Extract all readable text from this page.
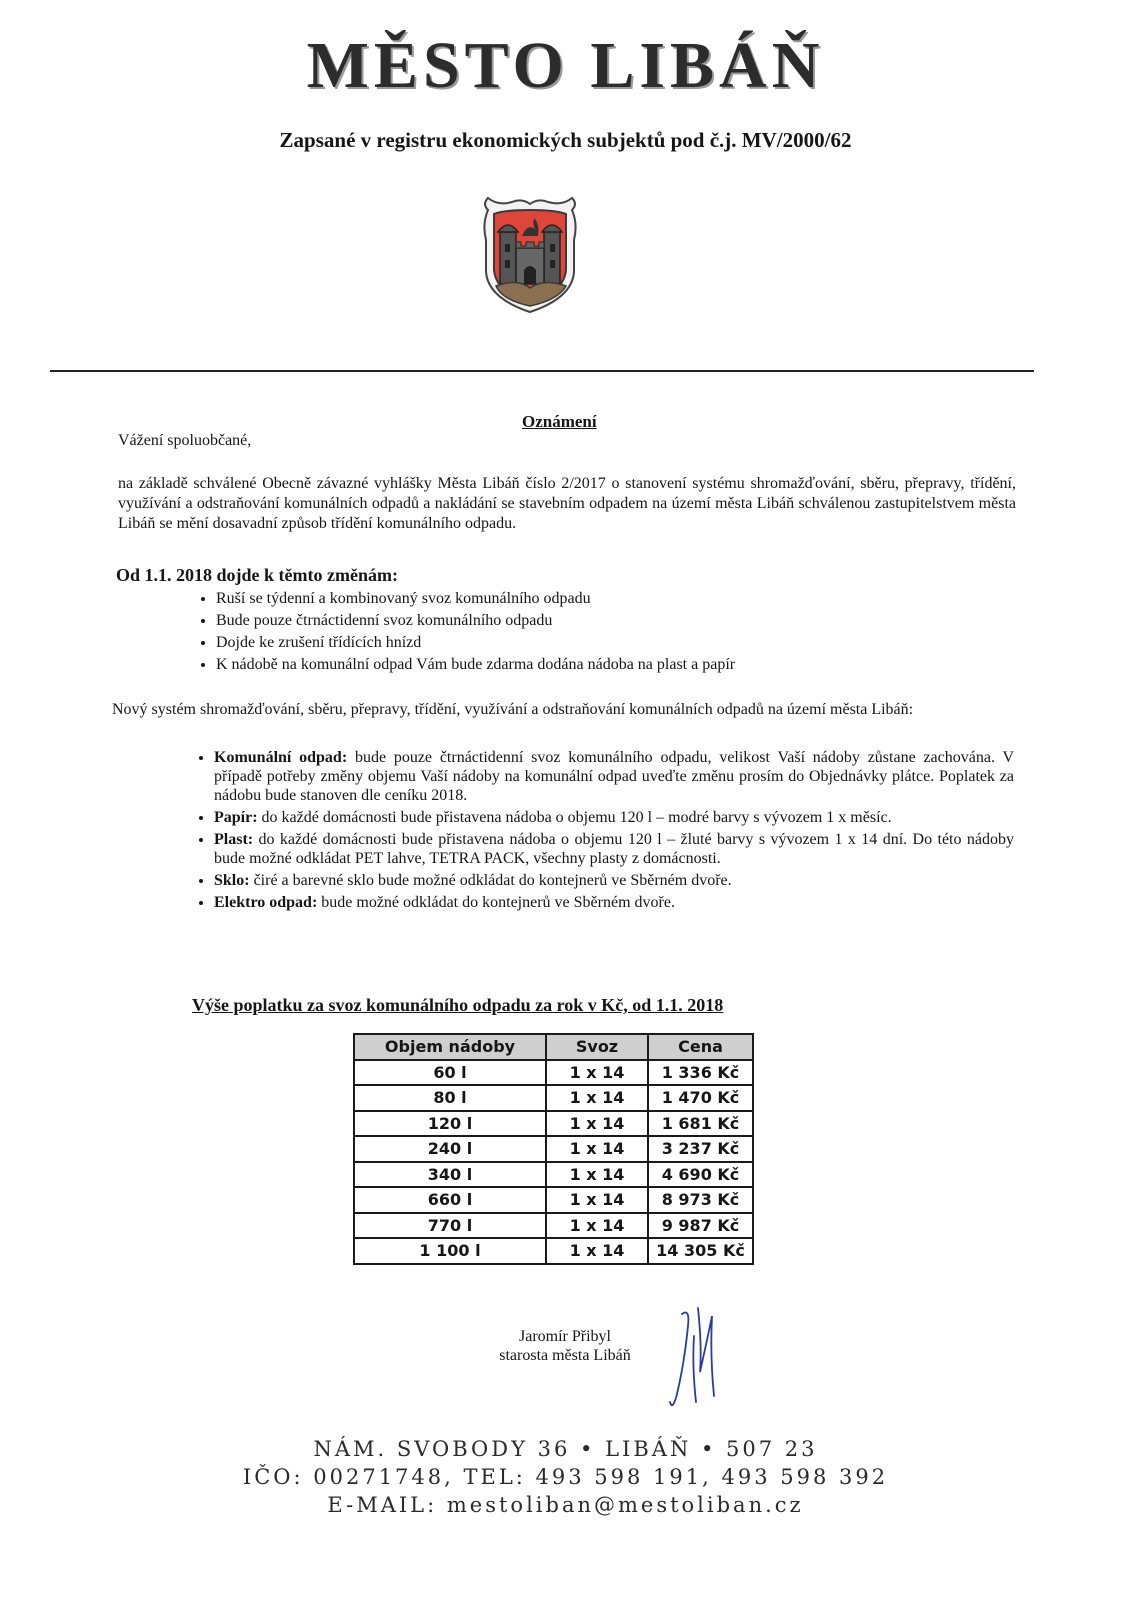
MĚSTO LIBÁŇ
Zapsané v registru ekonomických subjektů pod č.j. MV/2000/62
Oznámení
Vážení spoluobčané,
na základě schválené Obecně závazné vyhlášky Města Libáň číslo 2/2017 o stanovení systému shromažďování, sběru, přepravy, třídění, využívání a odstraňování komunálních odpadů a nakládání se stavebním odpadem na území města Libáň schválenou zastupitelstvem města Libáň se mění dosavadní způsob třídění komunálního odpadu.
Od 1.1. 2018 dojde k těmto změnám:
• Ruší se týdenní a kombinovaný svoz komunálního odpadu
• Bude pouze čtrnáctidenní svoz komunálního odpadu
• Dojde ke zrušení třídících hnízd
• K nádobě na komunální odpad Vám bude zdarma dodána nádoba na plast a papír
Nový systém shromažďování, sběru, přepravy, třídění, využívání a odstraňování komunálních odpadů na území města Libáň:
• Komunální odpad: bude pouze čtrnáctidenní svoz komunálního odpadu, velikost Vaší nádoby zůstane zachována. V případě potřeby změny objemu Vaší nádoby na komunální odpad uveďte změnu prosím do Objednávky plátce. Poplatek za nádobu bude stanoven dle ceníku 2018.
• Papír: do každé domácnosti bude přistavena nádoba o objemu 120 l – modré barvy s vývozem 1 x měsíc.
• Plast: do každé domácnosti bude přistavena nádoba o objemu 120 l – žluté barvy s vývozem 1 x 14 dní. Do této nádoby bude možné odkládat PET lahve, TETRA PACK, všechny plasty z domácnosti.
• Sklo: čiré a barevné sklo bude možné odkládat do kontejnerů ve Sběrném dvoře.
• Elektro odpad: bude možné odkládat do kontejnerů ve Sběrném dvoře.
Výše poplatku za svoz komunálního odpadu za rok v Kč, od 1.1. 2018
Objem nádoby	Svoz	Cena
60 l	1 x 14	1 336 Kč
80 l	1 x 14	1 470 Kč
120 l	1 x 14	1 681 Kč
240 l	1 x 14	3 237 Kč
340 l	1 x 14	4 690 Kč
660 l	1 x 14	8 973 Kč
770 l	1 x 14	9 987 Kč
1 100 l	1 x 14	14 305 Kč
Jaromír Přibyl
starosta města Libáň
NÁM. SVOBODY 36 • LIBÁŇ • 507 23
IČO: 00271748, TEL: 493 598 191, 493 598 392
E-MAIL: mestoliban@mestoliban.cz
